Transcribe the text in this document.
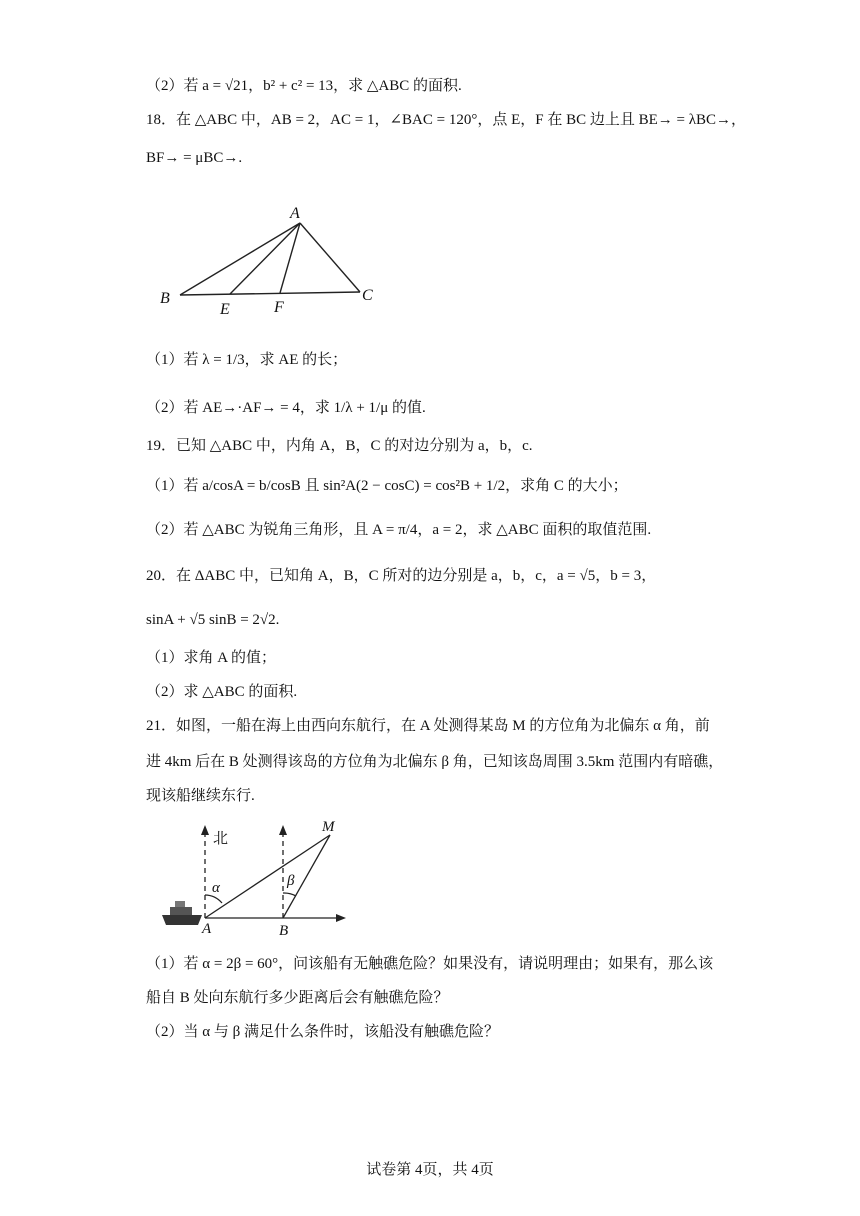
（2）若 a = √21，b² + c² = 13，求 △ABC 的面积.
18．在 △ABC 中，AB = 2，AC = 1，∠BAC = 120°，点 E，F 在 BC 边上且 BE→ = λBC→，
BF→ = μBC→.
A
B	C
E	F
（1）若 λ = 1/3，求 AE 的长；
（2）若 AE→·AF→ = 4，求 1/λ + 1/μ 的值.
19．已知 △ABC 中，内角 A，B，C 的对边分别为 a，b，c.
（1）若 a/cosA = b/cosB 且 sin²A(2 − cosC) = cos²B + 1/2，求角 C 的大小；
（2）若 △ABC 为锐角三角形，且 A = π/4，a = 2，求 △ABC 面积的取值范围.
20．在 ΔABC 中，已知角 A，B，C 所对的边分别是 a，b，c，a = √5，b = 3，
sinA + √5 sinB = 2√2.
（1）求角 A 的值；
（2）求 △ABC 的面积.
21．如图，一船在海上由西向东航行，在 A 处测得某岛 M 的方位角为北偏东 α 角，前
进 4km 后在 B 处测得该岛的方位角为北偏东 β 角，已知该岛周围 3.5km 范围内有暗礁，
现该船继续东行.
北
M
A	B
α	β
（1）若 α = 2β = 60°，问该船有无触礁危险？如果没有，请说明理由；如果有，那么该
船自 B 处向东航行多少距离后会有触礁危险？
（2）当 α 与 β 满足什么条件时，该船没有触礁危险？
试卷第 4页，共 4页
